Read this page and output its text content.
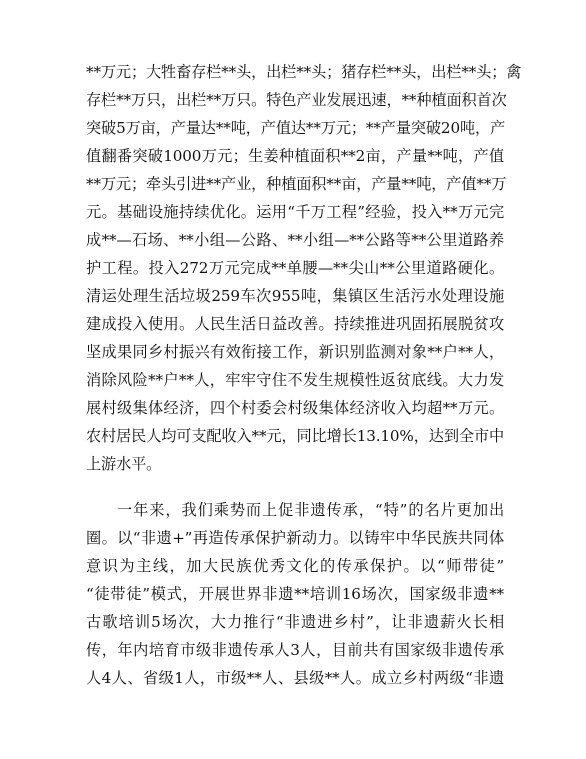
**万元；大牲畜存栏**头，出栏**头；猪存栏**头，出栏**头；禽
存栏**万只，出栏**万只。特色产业发展迅速，**种植面积首次
突破5万亩，产量达**吨，产值达**万元；**产量突破20吨，产
值翻番突破1000万元；生姜种植面积**2亩，产量**吨，产值
**万元；牵头引进**产业，种植面积**亩，产量**吨，产值**万
元。基础设施持续优化。运用“千万工程”经验，投入**万元完
成**—石场、**小组—公路、**小组—**公路等**公里道路养
护工程。投入272万元完成**单腰—**尖山**公里道路硬化。
清运处理生活垃圾259车次955吨，集镇区生活污水处理设施
建成投入使用。人民生活日益改善。持续推进巩固拓展脱贫攻
坚成果同乡村振兴有效衔接工作，新识别监测对象**户**人，
消除风险**户**人，牢牢守住不发生规模性返贫底线。大力发
展村级集体经济，四个村委会村级集体经济收入均超**万元。
农村居民人均可支配收入**元，同比增长13.10%，达到全市中
上游水平。
一年来，我们乘势而上促非遗传承，“特”的名片更加出
圈。以“非遗+”再造传承保护新动力。以铸牢中华民族共同体
意识为主线，加大民族优秀文化的传承保护。以“师带徒”
“徒带徒”模式，开展世界非遗**培训16场次，国家级非遗**
古歌培训5场次，大力推行“非遗进乡村”，让非遗薪火长相
传，年内培育市级非遗传承人3人，目前共有国家级非遗传承
人4人、省级1人，市级**人、县级**人。成立乡村两级“非遗
